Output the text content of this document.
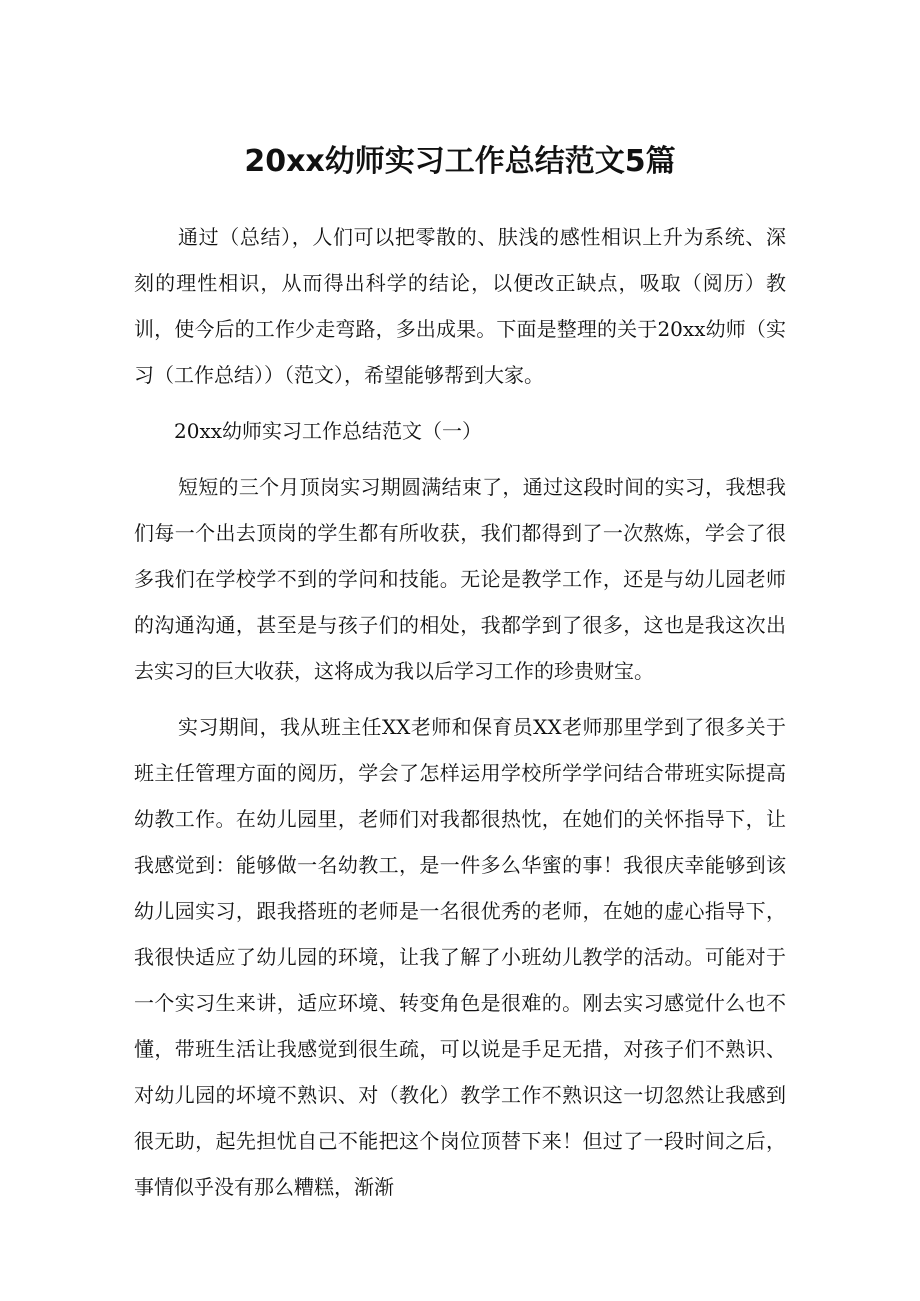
20xx幼师实习工作总结范文5篇

通过（总结），人们可以把零散的、肤浅的感性相识上升为系统、深刻的理性相识，从而得出科学的结论，以便改正缺点，吸取（阅历）教训，使今后的工作少走弯路，多出成果。下面是整理的关于20xx幼师（实习（工作总结））（范文），希望能够帮到大家。

20xx幼师实习工作总结范文（一）

短短的三个月顶岗实习期圆满结束了，通过这段时间的实习，我想我们每一个出去顶岗的学生都有所收获，我们都得到了一次熬炼，学会了很多我们在学校学不到的学问和技能。无论是教学工作，还是与幼儿园老师的沟通沟通，甚至是与孩子们的相处，我都学到了很多，这也是我这次出去实习的巨大收获，这将成为我以后学习工作的珍贵财宝。

实习期间，我从班主任XX老师和保育员XX老师那里学到了很多关于班主任管理方面的阅历，学会了怎样运用学校所学学问结合带班实际提高幼教工作。在幼儿园里，老师们对我都很热忱，在她们的关怀指导下，让我感觉到：能够做一名幼教工，是一件多么华蜜的事！我很庆幸能够到该幼儿园实习，跟我搭班的老师是一名很优秀的老师，在她的虚心指导下，我很快适应了幼儿园的环境，让我了解了小班幼儿教学的活动。可能对于一个实习生来讲，适应环境、转变角色是很难的。刚去实习感觉什么也不懂，带班生活让我感觉到很生疏，可以说是手足无措，对孩子们不熟识、对幼儿园的坏境不熟识、对（教化）教学工作不熟识这一切忽然让我感到很无助，起先担忧自己不能把这个岗位顶替下来！但过了一段时间之后，事情似乎没有那么糟糕，渐渐
